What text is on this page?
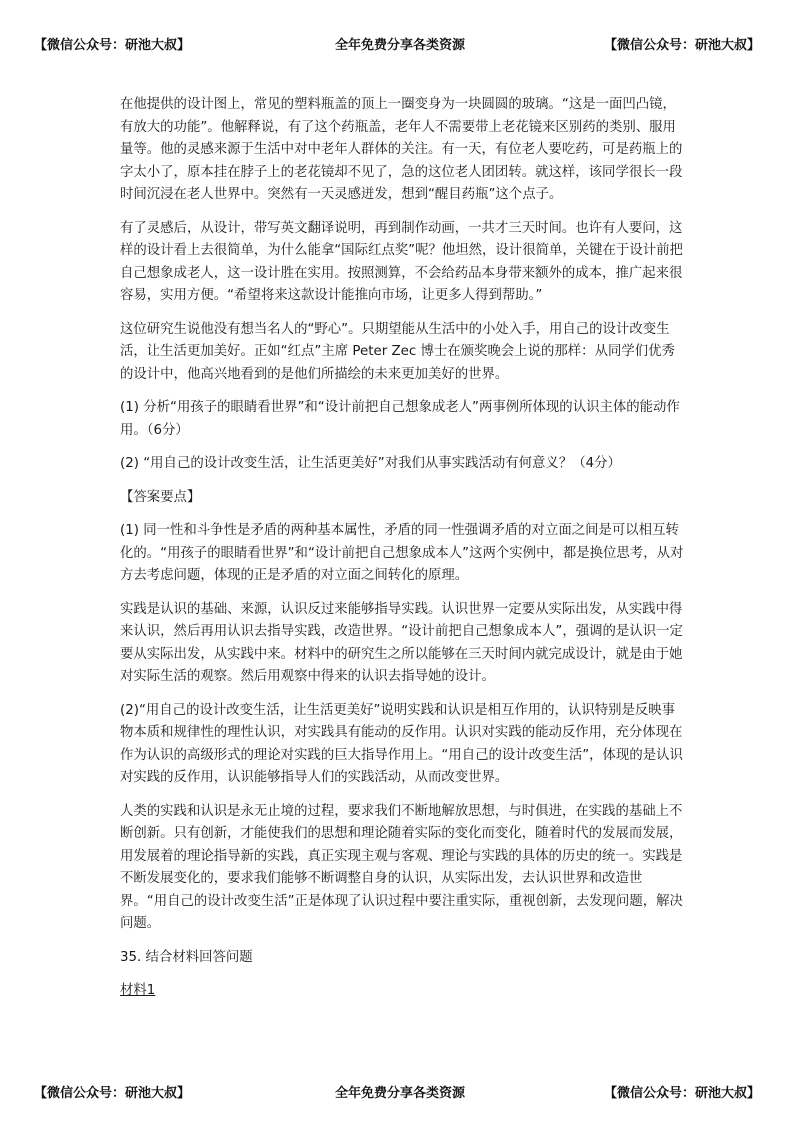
【微信公众号：研池大叔】	全年免费分享各类资源	【微信公众号：研池大叔】

在他提供的设计图上，常见的塑料瓶盖的顶上一圈变身为一块圆圆的玻璃。“这是一面凹凸镜，有放大的功能”。他解释说，有了这个药瓶盖，老年人不需要带上老花镜来区别药的类别、服用量等。他的灵感来源于生活中对中老年人群体的关注。有一天，有位老人要吃药，可是药瓶上的字太小了，原本挂在脖子上的老花镜却不见了，急的这位老人团团转。就这样，该同学很长一段时间沉浸在老人世界中。突然有一天灵感迸发，想到“醒目药瓶”这个点子。

有了灵感后，从设计，带写英文翻译说明，再到制作动画，一共才三天时间。也许有人要问，这样的设计看上去很简单，为什么能拿“国际红点奖”呢？他坦然，设计很简单，关键在于设计前把自己想象成老人，这一设计胜在实用。按照测算，不会给药品本身带来额外的成本，推广起来很容易，实用方便。“希望将来这款设计能推向市场，让更多人得到帮助。”

这位研究生说他没有想当名人的“野心”。只期望能从生活中的小处入手，用自己的设计改变生活，让生活更加美好。正如“红点”主席 Peter Zec 博士在颁奖晚会上说的那样：从同学们优秀的设计中，他高兴地看到的是他们所描绘的未来更加美好的世界。

(1) 分析“用孩子的眼睛看世界”和“设计前把自己想象成老人”两事例所体现的认识主体的能动作用。（6分）

(2) “用自己的设计改变生活，让生活更美好”对我们从事实践活动有何意义？（4分）

【答案要点】

(1) 同一性和斗争性是矛盾的两种基本属性，矛盾的同一性强调矛盾的对立面之间是可以相互转化的。“用孩子的眼睛看世界”和“设计前把自己想象成本人”这两个实例中，都是换位思考，从对方去考虑问题，体现的正是矛盾的对立面之间转化的原理。

实践是认识的基础、来源，认识反过来能够指导实践。认识世界一定要从实际出发，从实践中得来认识，然后再用认识去指导实践，改造世界。“设计前把自己想象成本人”，强调的是认识一定要从实际出发，从实践中来。材料中的研究生之所以能够在三天时间内就完成设计，就是由于她对实际生活的观察。然后用观察中得来的认识去指导她的设计。

(2)“用自己的设计改变生活，让生活更美好”说明实践和认识是相互作用的，认识特别是反映事物本质和规律性的理性认识，对实践具有能动的反作用。认识对实践的能动反作用，充分体现在作为认识的高级形式的理论对实践的巨大指导作用上。“用自己的设计改变生活”，体现的是认识对实践的反作用，认识能够指导人们的实践活动，从而改变世界。

人类的实践和认识是永无止境的过程，要求我们不断地解放思想，与时俱进，在实践的基础上不断创新。只有创新，才能使我们的思想和理论随着实际的变化而变化，随着时代的发展而发展，用发展着的理论指导新的实践，真正实现主观与客观、理论与实践的具体的历史的统一。实践是不断发展变化的，要求我们能够不断调整自身的认识，从实际出发，去认识世界和改造世界。“用自己的设计改变生活”正是体现了认识过程中要注重实际，重视创新，去发现问题，解决问题。

35. 结合材料回答问题

材料1

【微信公众号：研池大叔】	全年免费分享各类资源	【微信公众号：研池大叔】
